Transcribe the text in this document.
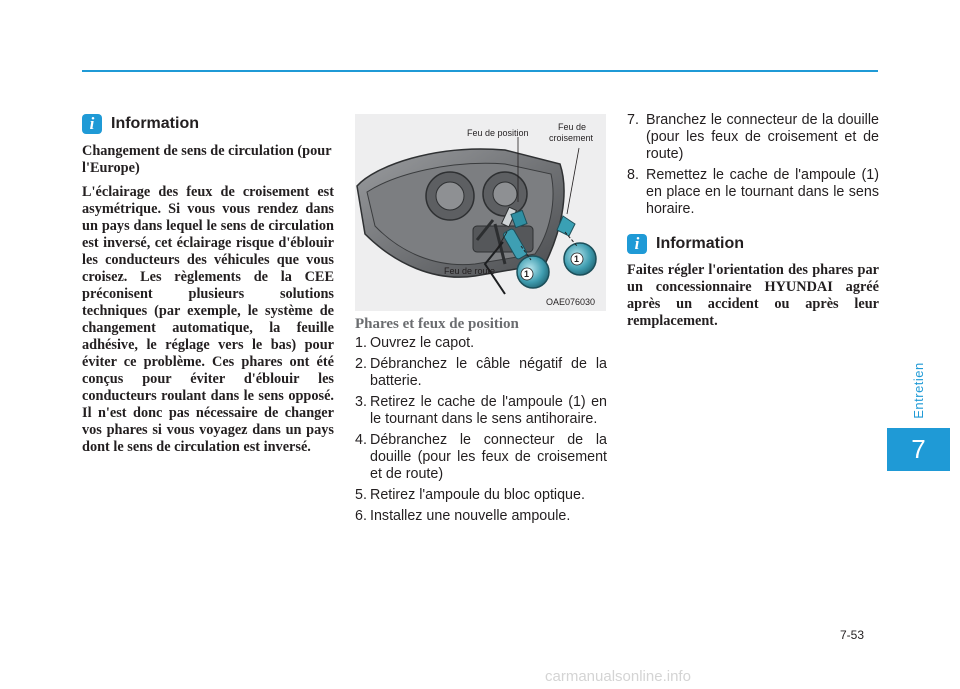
i	Information

Changement de sens de circulation (pour l'Europe)

L'éclairage des feux de croisement est asymétrique. Si vous vous rendez dans un pays dans lequel le sens de circulation est inversé, cet éclairage risque d'éblouir les conducteurs des véhicules que vous croisez. Les règlements de la CEE préconisent plusieurs solutions techniques (par exemple, le système de changement automatique, la feuille adhésive, le réglage vers le bas) pour éviter ce problème. Ces phares ont été conçus pour éviter d'éblouir les conducteurs roulant dans le sens opposé. Il n'est donc pas nécessaire de changer vos phares si vous voyagez dans un pays dont le sens de circulation est inversé.

Feu de position
Feu de
croisement
Feu de route
1
1
OAE076030
Phares et feux de position
1. Ouvrez le capot.
2. Débranchez le câble négatif de la batterie.
3. Retirez le cache de l'ampoule (1) en le tournant dans le sens antihoraire.
4. Débranchez le connecteur de la douille (pour les feux de croisement et de route)
5. Retirez l'ampoule du bloc optique.
6. Installez une nouvelle ampoule.
7. Branchez le connecteur de la douille (pour les feux de croisement et de route)
8. Remettez le cache de l'ampoule (1) en place en le tournant dans le sens horaire.
i	Information

Faites régler l'orientation des phares par un concessionnaire HYUNDAI agréé après un accident ou après leur remplacement.

Entretien
7
7-53
carmanualsonline.info
